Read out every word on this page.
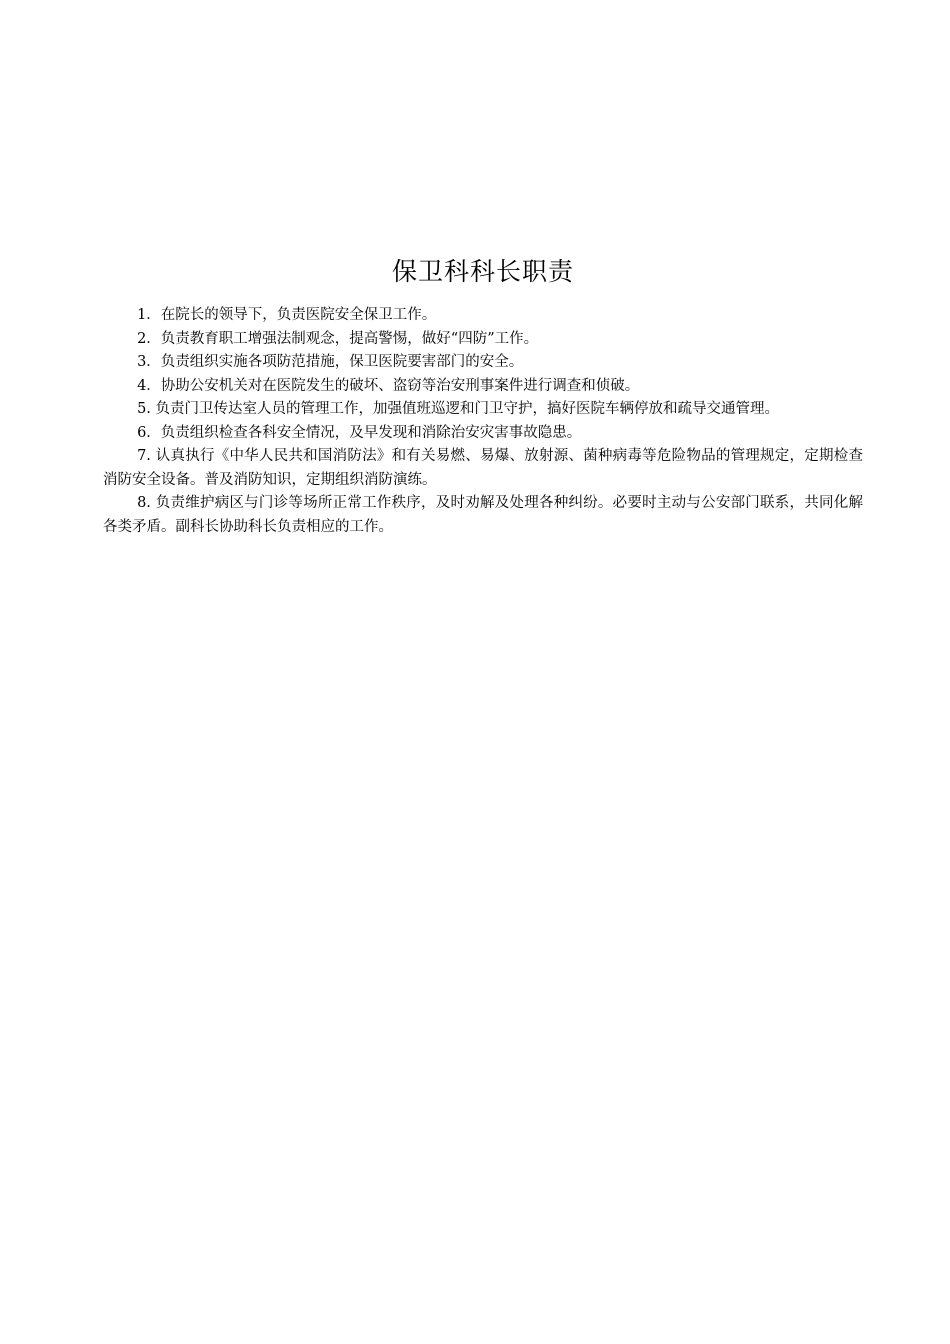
保卫科科长职责

1．在院长的领导下，负责医院安全保卫工作。

2．负责教育职工增强法制观念，提高警惕，做好“四防”工作。

3．负责组织实施各项防范措施，保卫医院要害部门的安全。

4．协助公安机关对在医院发生的破坏、盗窃等治安刑事案件进行调查和侦破。

5. 负责门卫传达室人员的管理工作，加强值班巡逻和门卫守护，搞好医院车辆停放和疏导交通管理。

6．负责组织检查各科安全情况，及早发现和消除治安灾害事故隐患。

7. 认真执行《中华人民共和国消防法》和有关易燃、易爆、放射源、菌种病毒等危险物品的管理规定，定期检查消防安全设备。普及消防知识，定期组织消防演练。

8. 负责维护病区与门诊等场所正常工作秩序，及时劝解及处理各种纠纷。必要时主动与公安部门联系，共同化解各类矛盾。副科长协助科长负责相应的工作。
